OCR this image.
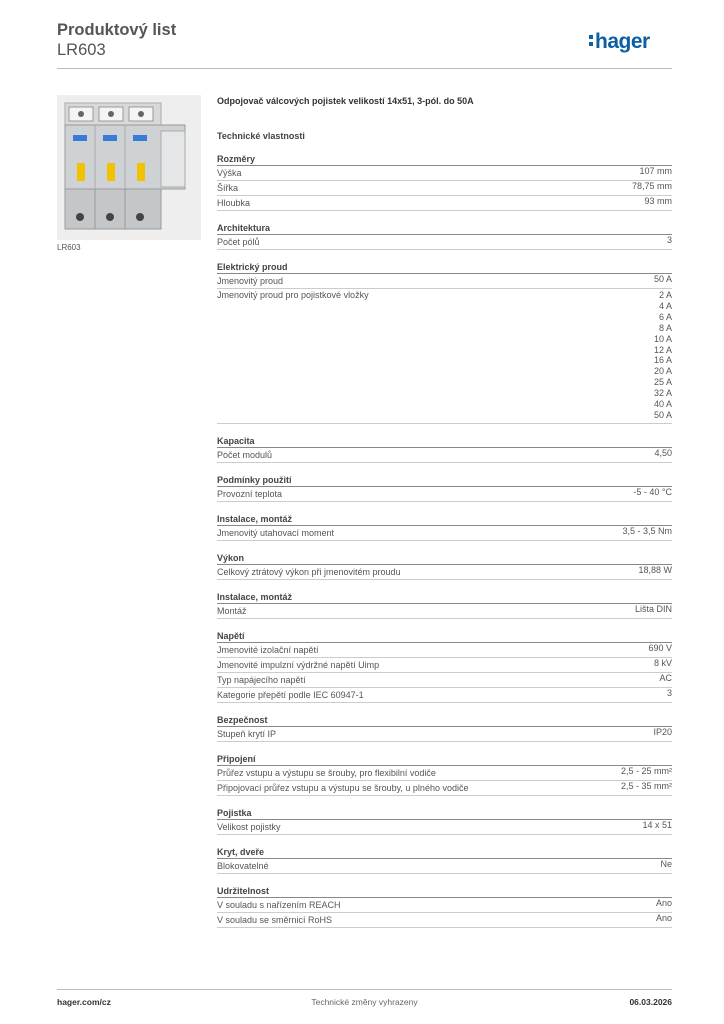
Produktový list
LR603	hager
LR603
Odpojovač válcových pojistek velikostí 14x51, 3-pól. do 50A
Technické vlastnosti
Rozměry
Výška	107 mm
Šířka	78,75 mm
Hloubka	93 mm
Architektura
Počet pólů	3
Elektrický proud
Jmenovitý proud	50 A
Jmenovitý proud pro pojistkové vložky	2 A
4 A
6 A
8 A
10 A
12 A
16 A
20 A
25 A
32 A
40 A
50 A
Kapacita
Počet modulů	4,50
Podmínky použití
Provozní teplota	-5 - 40 °C
Instalace, montáž
Jmenovitý utahovací moment	3,5 - 3,5 Nm
Výkon
Celkový ztrátový výkon při jmenovitém proudu	18,88 W
Instalace, montáž
Montáž	Lišta DIN
Napětí
Jmenovité izolační napětí	690 V
Jmenovité impulzní výdržné napětí Uimp	8 kV
Typ napájecího napětí	AC
Kategorie přepětí podle IEC 60947-1	3
Bezpečnost
Stupeň krytí IP	IP20
Připojení
Průřez vstupu a výstupu se šrouby, pro flexibilní vodiče	2,5 - 25 mm²
Připojovací průřez vstupu a výstupu se šrouby, u plného vodiče	2,5 - 35 mm²
Pojistka
Velikost pojistky	14 x 51
Kryt, dveře
Blokovatelné	Ne
Udržitelnost
V souladu s nařízením REACH	Ano
V souladu se směrnicí RoHS	Ano
hager.com/cz	Technické změny vyhrazeny	06.03.2026
